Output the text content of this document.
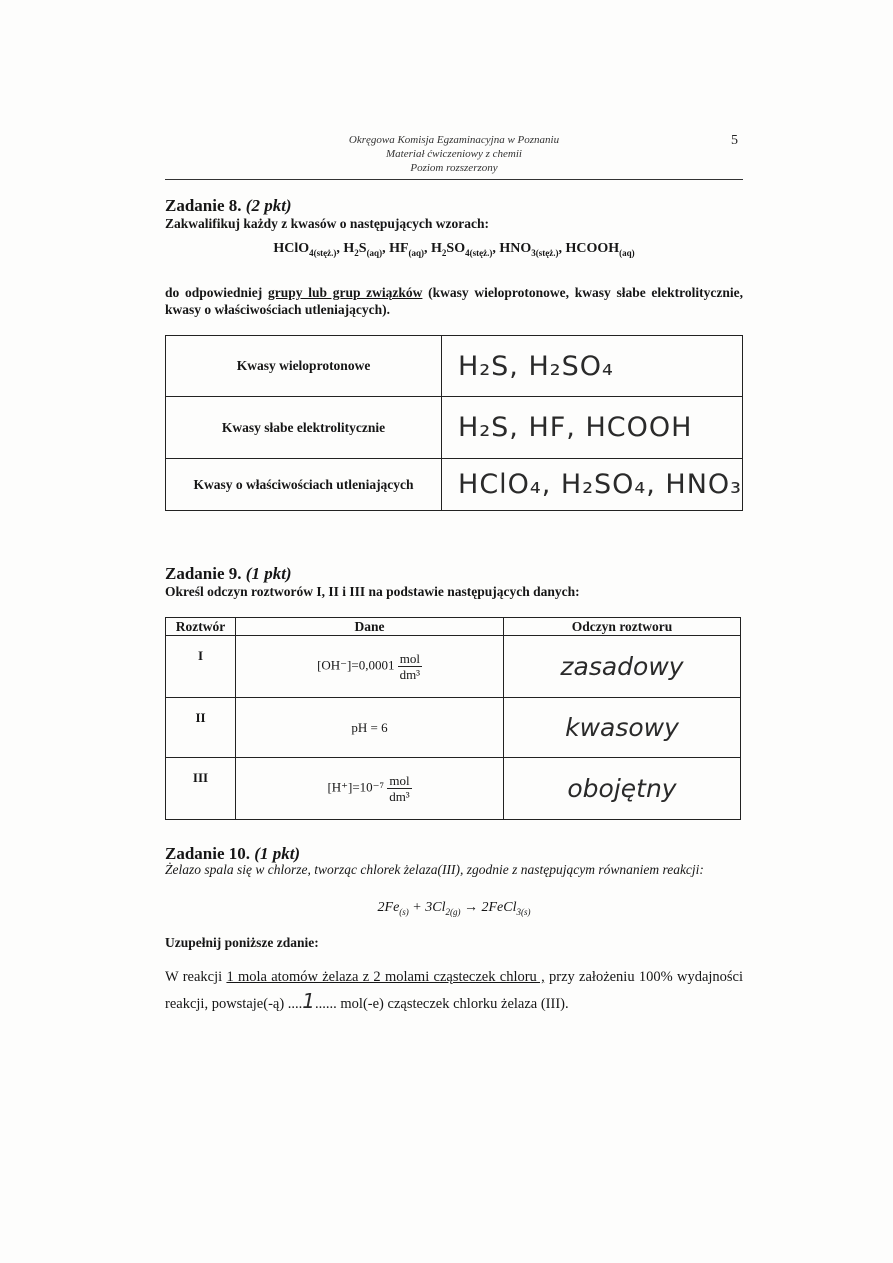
Okręgowa Komisja Egzaminacyjna w Poznaniu
Materiał ćwiczeniowy z chemii
Poziom rozszerzony
5
Zadanie 8. (2 pkt)
Zakwalifikuj każdy z kwasów o następujących wzorach:
HClO$_{4(stęż.)}$, $H_2S_{(aq)}$, $HF_{(aq)}$, $H_2SO_{4(stęż.)}$, $HNO_{3(stęż.)}$, $HCOOH_{(aq)}$
do odpowiedniej grupy lub grup związków (kwasy wieloprotonowe, kwasy słabe elektrolitycznie, kwasy o właściwościach utleniających).
Kwasy wieloprotonowe	H₂S, H₂SO₄
Kwasy słabe elektrolitycznie	H₂S, HF, HCOOH
Kwasy o właściwościach utleniających	HClO₄, H₂SO₄, HNO₃
Zadanie 9. (1 pkt)
Określ odczyn roztworów I, II i III na podstawie następujących danych:
Roztwór	Dane	Odczyn roztworu
I	$[OH^-]=0,0001 \frac{\text{mol}}{\text{dm³}}$	zasadowy
II	pH = 6	kwasowy
III	$[H^+]=10^{-7} \frac{\text{mol}}{\text{dm³}}$	obojętny
Zadanie 10. (1 pkt)
Żelazo spala się w chlorze, tworząc chlorek żelaza(III), zgodnie z następującym równaniem reakcji:
$2Fe_{(s)} + 3Cl_{2(g)}$ → 2FeCl$_{3(s)}$
Uzupełnij poniższe zdanie:
W reakcji 1 mola atomów żelaza z 2 molami cząsteczek chloru , przy założeniu 100% wydajności reakcji, powstaje(-ą) ....1...... mol(-e) cząsteczek chlorku żelaza (III).
